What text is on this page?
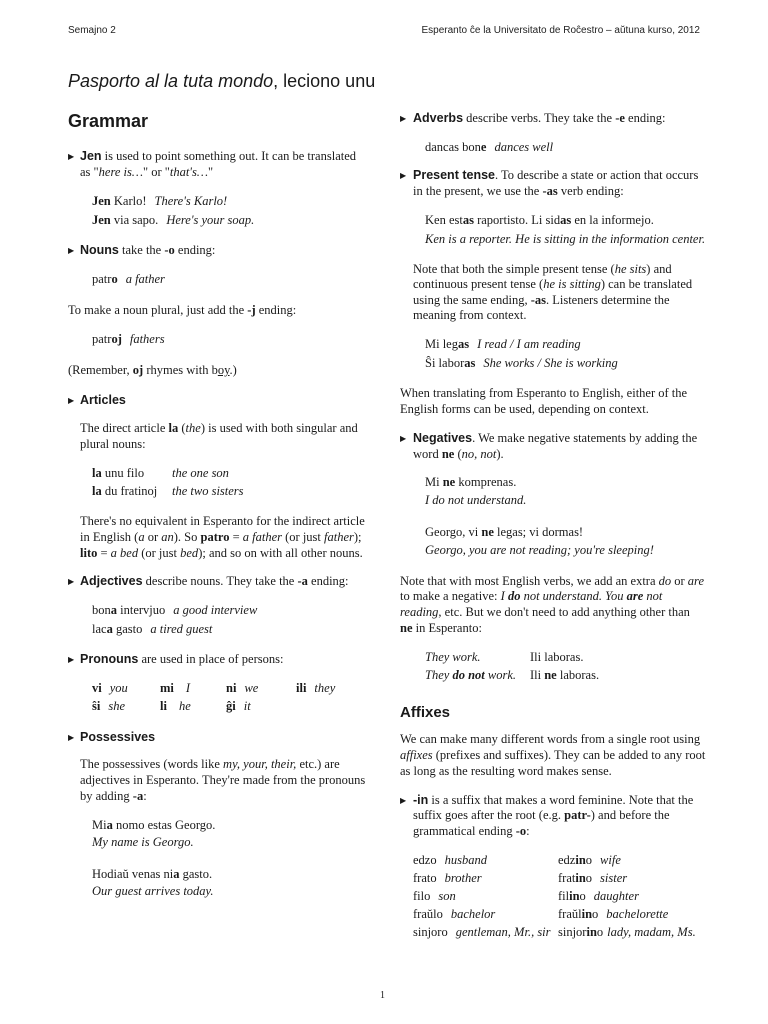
Semajno 2	Esperanto ĉe la Universitato de Roĉestro – aŭtuna kurso, 2012
Pasporto al la tuta mondo, leciono unu
Grammar
▶ Jen is used to point something out. It can be translated
as "here is…" or "that's…"
Jen Karlo! There's Karlo!
Jen via sapo. Here's your soap.
▶ Nouns take the -o ending:
patro a father
To make a noun plural, just add the -j ending:
patroj fathers
(Remember, oj rhymes with boy.)
▶ Articles
The direct article la (the) is used with both singular and
plural nouns:
la unu filo the one son
la du fratinoj the two sisters
There's no equivalent in Esperanto for the indirect article
in English (a or an). So patro = a father (or just father);
lito = a bed (or just bed); and so on with all other nouns.
▶ Adjectives describe nouns. They take the -a ending:
bona intervjuo a good interview
laca gasto a tired guest
▶ Pronouns are used in place of persons:
vi you	mi I	ni we	ili they
ŝi she	li he	ĝi it
▶ Possessives
The possessives (words like my, your, their, etc.) are
adjectives in Esperanto. They're made from the pronouns
by adding -a:
Mia nomo estas Georgo.
My name is Georgo.
Hodiaŭ venas nia gasto.
Our guest arrives today.
▶ Adverbs describe verbs. They take the -e ending:
dancas bone dances well
▶ Present tense. To describe a state or action that occurs
in the present, we use the -as verb ending:
Ken estas raportisto. Li sidas en la informejo.
Ken is a reporter. He is sitting in the information center.
Note that both the simple present tense (he sits) and
continuous present tense (he is sitting) can be translated
using the same ending, -as. Listeners determine the
meaning from context.
Mi legas I read / I am reading
Ŝi laboras She works / She is working
When translating from Esperanto to English, either of the
English forms can be used, depending on context.
▶ Negatives. We make negative statements by adding the
word ne (no, not).
Mi ne komprenas.
I do not understand.
Georgo, vi ne legas; vi dormas!
Georgo, you are not reading; you're sleeping!
Note that with most English verbs, we add an extra do or are
to make a negative: I do not understand. You are not
reading, etc. But we don't need to add anything other than
ne in Esperanto:
They work.	Ili laboras.
They do not work. Ili ne laboras.
Affixes
We can make many different words from a single root using
affixes (prefixes and suffixes). They can be added to any root
as long as the resulting word makes sense.
▶ -in is a suffix that makes a word feminine. Note that the
suffix goes after the root (e.g. patr-) and before the
grammatical ending -o:
edzo husband	edzino wife
frato brother	fratino sister
filo son	filino daughter
fraŭlo bachelor	fraŭlino bachelorette
sinjoro gentleman, Mr., sir sinjorino lady, madam, Ms.
1
